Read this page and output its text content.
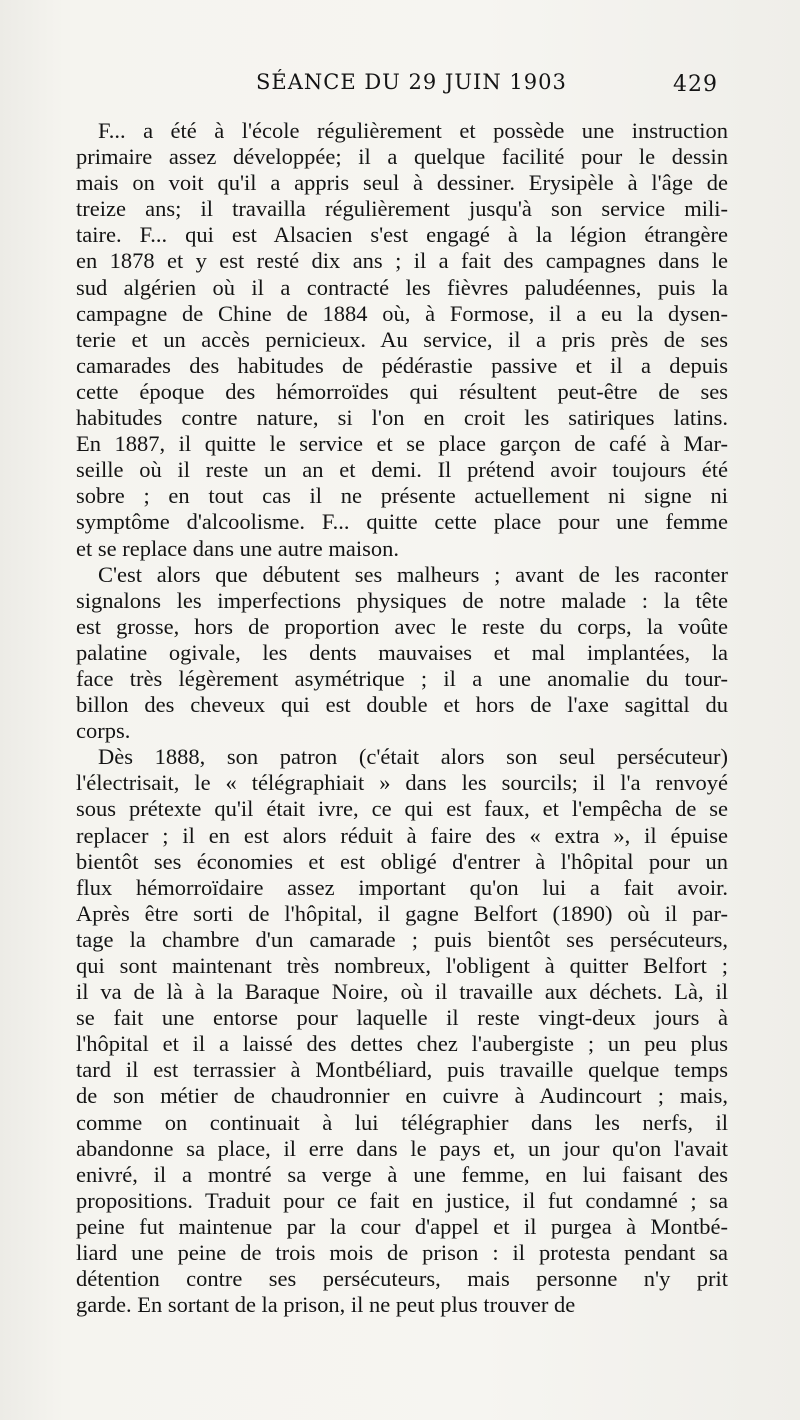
SÉANCE DU 29 JUIN 1903	429
F... a été à l'école régulièrement et possède une instruction
primaire assez développée; il a quelque facilité pour le dessin
mais on voit qu'il a appris seul à dessiner. Erysipèle à l'âge de
treize ans; il travailla régulièrement jusqu'à son service mili-
taire. F... qui est Alsacien s'est engagé à la légion étrangère
en 1878 et y est resté dix ans ; il a fait des campagnes dans le
sud algérien où il a contracté les fièvres paludéennes, puis la
campagne de Chine de 1884 où, à Formose, il a eu la dysen-
terie et un accès pernicieux. Au service, il a pris près de ses
camarades des habitudes de pédérastie passive et il a depuis
cette époque des hémorroïdes qui résultent peut-être de ses
habitudes contre nature, si l'on en croit les satiriques latins.
En 1887, il quitte le service et se place garçon de café à Mar-
seille où il reste un an et demi. Il prétend avoir toujours été
sobre ; en tout cas il ne présente actuellement ni signe ni
symptôme d'alcoolisme. F... quitte cette place pour une femme
et se replace dans une autre maison.
C'est alors que débutent ses malheurs ; avant de les raconter
signalons les imperfections physiques de notre malade : la tête
est grosse, hors de proportion avec le reste du corps, la voûte
palatine ogivale, les dents mauvaises et mal implantées, la
face très légèrement asymétrique ; il a une anomalie du tour-
billon des cheveux qui est double et hors de l'axe sagittal du
corps.
Dès 1888, son patron (c'était alors son seul persécuteur)
l'électrisait, le « télégraphiait » dans les sourcils; il l'a renvoyé
sous prétexte qu'il était ivre, ce qui est faux, et l'empêcha de se
replacer ; il en est alors réduit à faire des « extra », il épuise
bientôt ses économies et est obligé d'entrer à l'hôpital pour un
flux hémorroïdaire assez important qu'on lui a fait avoir.
Après être sorti de l'hôpital, il gagne Belfort (1890) où il par-
tage la chambre d'un camarade ; puis bientôt ses persécuteurs,
qui sont maintenant très nombreux, l'obligent à quitter Belfort ;
il va de là à la Baraque Noire, où il travaille aux déchets. Là, il
se fait une entorse pour laquelle il reste vingt-deux jours à
l'hôpital et il a laissé des dettes chez l'aubergiste ; un peu plus
tard il est terrassier à Montbéliard, puis travaille quelque temps
de son métier de chaudronnier en cuivre à Audincourt ; mais,
comme on continuait à lui télégraphier dans les nerfs, il
abandonne sa place, il erre dans le pays et, un jour qu'on l'avait
enivré, il a montré sa verge à une femme, en lui faisant des
propositions. Traduit pour ce fait en justice, il fut condamné ; sa
peine fut maintenue par la cour d'appel et il purgea à Montbé-
liard une peine de trois mois de prison : il protesta pendant sa
détention contre ses persécuteurs, mais personne n'y prit
garde. En sortant de la prison, il ne peut plus trouver de
